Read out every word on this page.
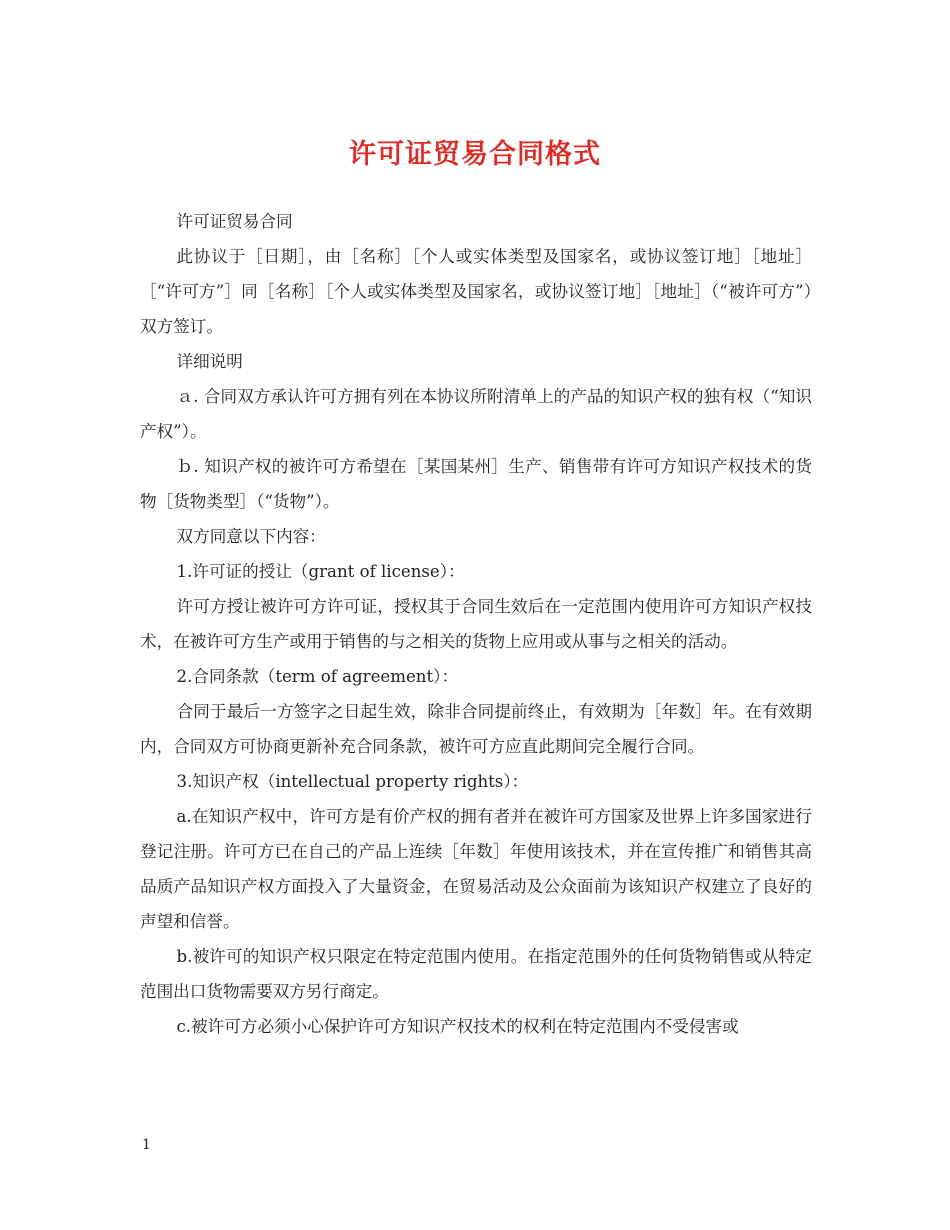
许可证贸易合同格式

许可证贸易合同

此协议于［日期］，由［名称］［个人或实体类型及国家名，或协议签订地］［地址］［“许可方”］同［名称］［个人或实体类型及国家名，或协议签订地］［地址］（“被许可方”）双方签订。

详细说明

ａ. 合同双方承认许可方拥有列在本协议所附清单上的产品的知识产权的独有权（“知识产权”）。

ｂ. 知识产权的被许可方希望在［某国某州］生产、销售带有许可方知识产权技术的货物［货物类型］（“货物”）。

双方同意以下内容：

1.许可证的授让（grant of license）：

许可方授让被许可方许可证，授权其于合同生效后在一定范围内使用许可方知识产权技术，在被许可方生产或用于销售的与之相关的货物上应用或从事与之相关的活动。

2.合同条款（term of agreement）：

合同于最后一方签字之日起生效，除非合同提前终止，有效期为［年数］年。在有效期内，合同双方可协商更新补充合同条款，被许可方应直此期间完全履行合同。

3.知识产权（intellectual property rights）：

a.在知识产权中，许可方是有价产权的拥有者并在被许可方国家及世界上许多国家进行登记注册。许可方已在自己的产品上连续［年数］年使用该技术，并在宣传推广和销售其高品质产品知识产权方面投入了大量资金，在贸易活动及公众面前为该知识产权建立了良好的声望和信誉。

b.被许可的知识产权只限定在特定范围内使用。在指定范围外的任何货物销售或从特定范围出口货物需要双方另行商定。

c.被许可方必须小心保护许可方知识产权技术的权利在特定范围内不受侵害或

1
